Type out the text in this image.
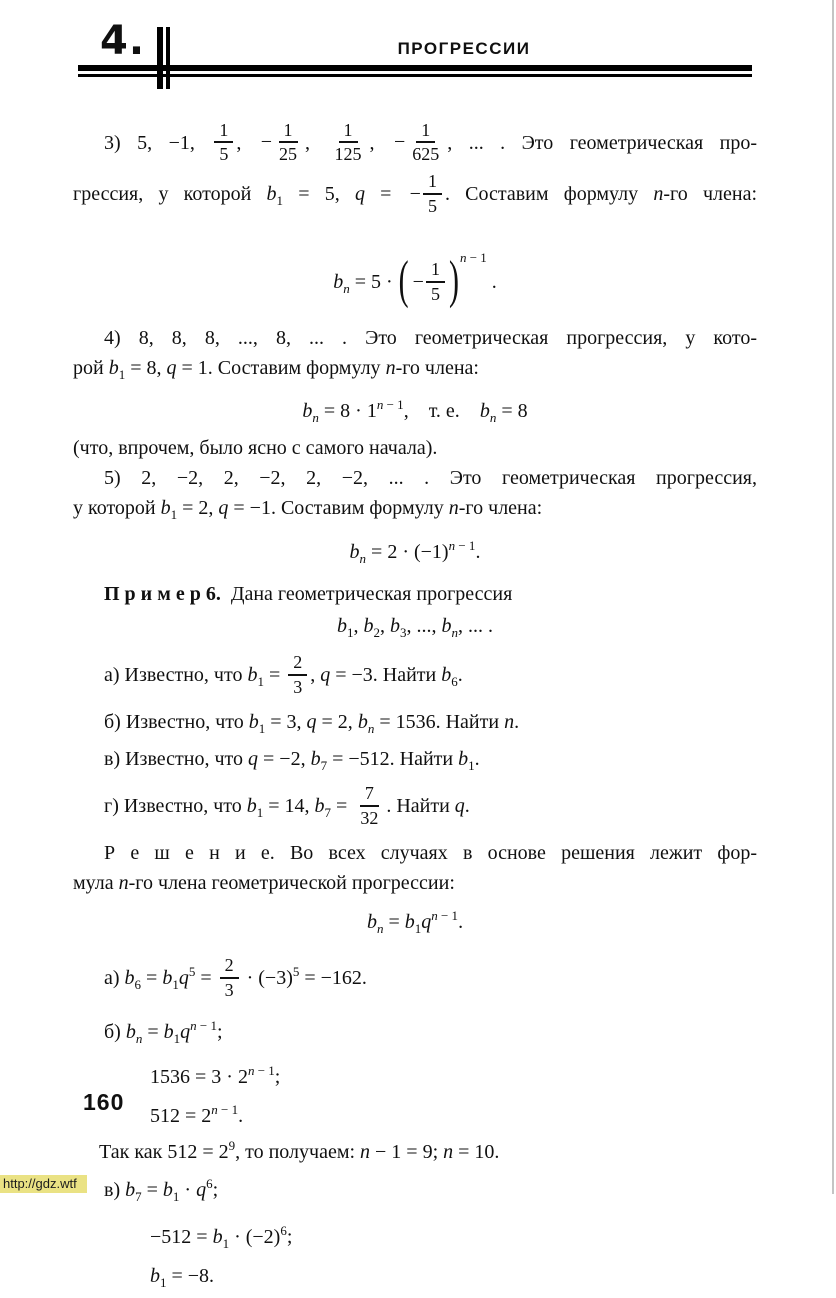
4.	ПРОГРЕССИИ
3) 5, −1, $\frac{1}{5}$ , − $\frac{1}{25}$ , $\frac{1}{125}$ , − $\frac{1}{625}$ , ... . Это геометрическая про-
грессия, у которой $b_1 = 5$, q = − $\frac{1}{5}$ . Составим формулу n-го члена:
$b_n = 5$ · ( − $\frac{1}{5} )^{n - 1}$ .
4) 8, 8, 8, ..., 8, ... . Это геометрическая прогрессия, у кото-
рой $b_1 = 8$, q = 1. Составим формулу n-го члена:
$b_n = 8 \cdot 1^{n - 1}$,  т. е.  $b_n = 8$
(что, впрочем, было ясно с самого начала).
5) 2, −2, 2, −2, 2, −2, ... . Это геометрическая прогрессия,
у которой $b_1 = 2$, q = −1. Составим формулу n-го члена:
$b_n = 2 \cdot (-1)^{n - 1}$.
П р и м е р 6. Дана геометрическая прогрессия
$b_1$, $b_2$, $b_3$, ..., $b_n$, ... .
а) Известно, что $b_1 = \frac{2}{3}$ , q = −3. Найти $b_6$.
б) Известно, что $b_1 = 3$, q = 2, $b_n = 1536$. Найти n.
в) Известно, что q = −2, $b_7 = -512$. Найти $b_1$.
г) Известно, что $b_1 = 14$, $b_7 = \frac{7}{32}$ . Найти q.
Р е ш е н и е. Во всех случаях в основе решения лежит фор-
мула n-го члена геометрической прогрессии:
$b_n = b_1q^{n - 1}$.
а) $b_6 = b_1q^5 = \frac{2}{3} \cdot (-3)^5 = -162$.
б) $b_n = b_1q^{n - 1}$;
$1536 = 3 \cdot 2^{n - 1}$;
$512 = 2^{n - 1}$.
Так как $512 = 2^9$, то получаем: n − 1 = 9; n = 10.
в) $b_7 = b_1 \cdot q^6$;
$-512 = b_1 \cdot (-2)^6$;
$b_1 = -8$.
160
http://gdz.wtf
